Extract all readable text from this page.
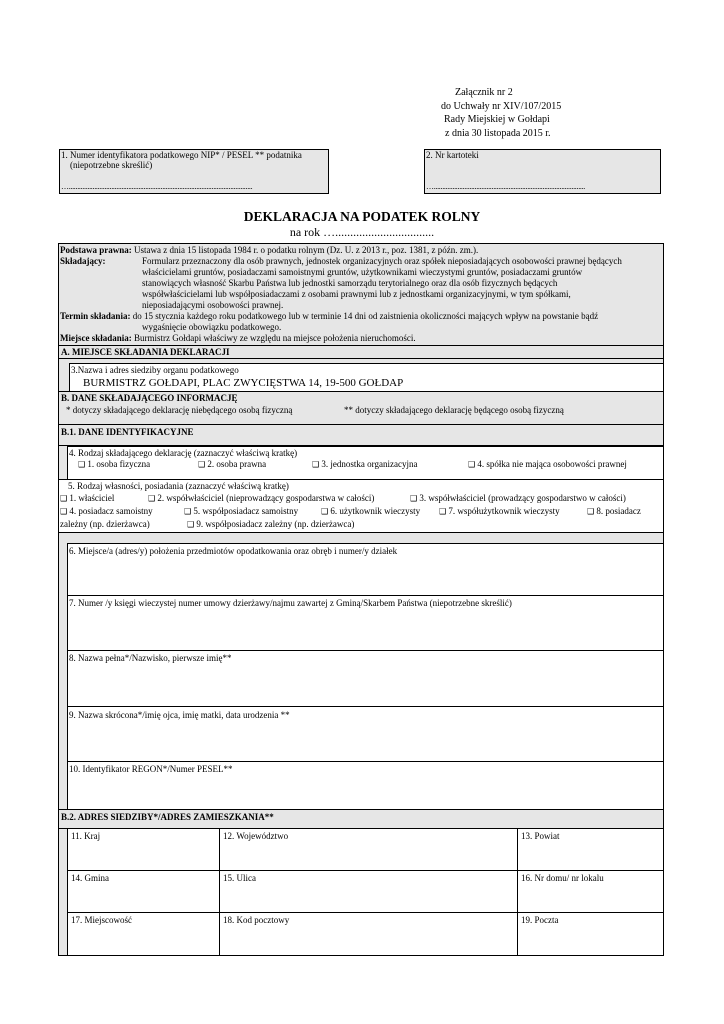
Załącznik nr 2
do Uchwały nr XIV/107/2015
Rady Miejskiej w Gołdapi
z dnia 30 listopada 2015 r.
1. Numer identyfikatora podatkowego NIP* / PESEL ** podatnika
(niepotrzebne skreślić)
…............................................................................................................
2. Nr kartoteki
….........................................................................................
DEKLARACJA NA PODATEK ROLNY
na rok ….................................
Podstawa prawna: Ustawa z dnia 15 listopada 1984 r. o podatku rolnym (Dz. U. z 2013 r., poz. 1381, z późn. zm.).
Składający:	Formularz przeznaczony dla osób prawnych, jednostek organizacyjnych oraz spółek nieposiadających osobowości prawnej będących
właścicielami gruntów, posiadaczami samoistnymi gruntów, użytkownikami wieczystymi gruntów, posiadaczami gruntów
stanowiących własność Skarbu Państwa lub jednostki samorządu terytorialnego oraz dla osób fizycznych będących
współwłaścicielami lub współposiadaczami z osobami prawnymi lub z jednostkami organizacyjnymi, w tym spółkami,
nieposiadającymi osobowości prawnej.
Termin składania: do 15 stycznia każdego roku podatkowego lub w terminie 14 dni od zaistnienia okoliczności mających wpływ na powstanie bądź
wygaśnięcie obowiązku podatkowego.
Miejsce składania: Burmistrz Gołdapi właściwy ze względu na miejsce położenia nieruchomości.
A. MIEJSCE SKŁADANIA DEKLARACJI
3.Nazwa i adres siedziby organu podatkowego
BURMISTRZ GOŁDAPI, PLAC ZWYCIĘSTWA 14, 19-500 GOŁDAP
B. DANE SKŁADAJĄCEGO INFORMACJĘ
* dotyczy składającego deklarację niebędącego osobą fizyczną	** dotyczy składającego deklarację będącego osobą fizyczną
B.1. DANE IDENTYFIKACYJNE
4. Rodzaj składającego deklarację (zaznaczyć właściwą kratkę)
❑ 1. osoba fizyczna	❑ 2. osoba prawna	❑ 3. jednostka organizacyjna	❑ 4. spółka nie mająca osobowości prawnej
5. Rodzaj własności, posiadania (zaznaczyć właściwą kratkę)
❑ 1. właściciel	❑ 2. współwłaściciel (nieprowadzący gospodarstwa w całości)	❑ 3. współwłaściciel (prowadzący gospodarstwo w całości)
❑ 4. posiadacz samoistny	❑ 5. współposiadacz samoistny	❑ 6. użytkownik wieczysty ❑ 7. współużytkownik wieczysty	❑ 8. posiadacz
zależny (np. dzierżawca)	❑ 9. współposiadacz zależny (np. dzierżawca)
6. Miejsce/a (adres/y) położenia przedmiotów opodatkowania oraz obręb i numer/y działek
7. Numer /y księgi wieczystej numer umowy dzierżawy/najmu zawartej z Gminą/Skarbem Państwa (niepotrzebne skreślić)
8. Nazwa pełna*/Nazwisko, pierwsze imię**
9. Nazwa skrócona*/imię ojca, imię matki, data urodzenia **
10. Identyfikator REGON*/Numer PESEL**
B.2. ADRES SIEDZIBY*/ADRES ZAMIESZKANIA**
11. Kraj	12. Województwo	13. Powiat
14. Gmina	15. Ulica	16. Nr domu/ nr lokalu
17. Miejscowość	18. Kod pocztowy	19. Poczta
